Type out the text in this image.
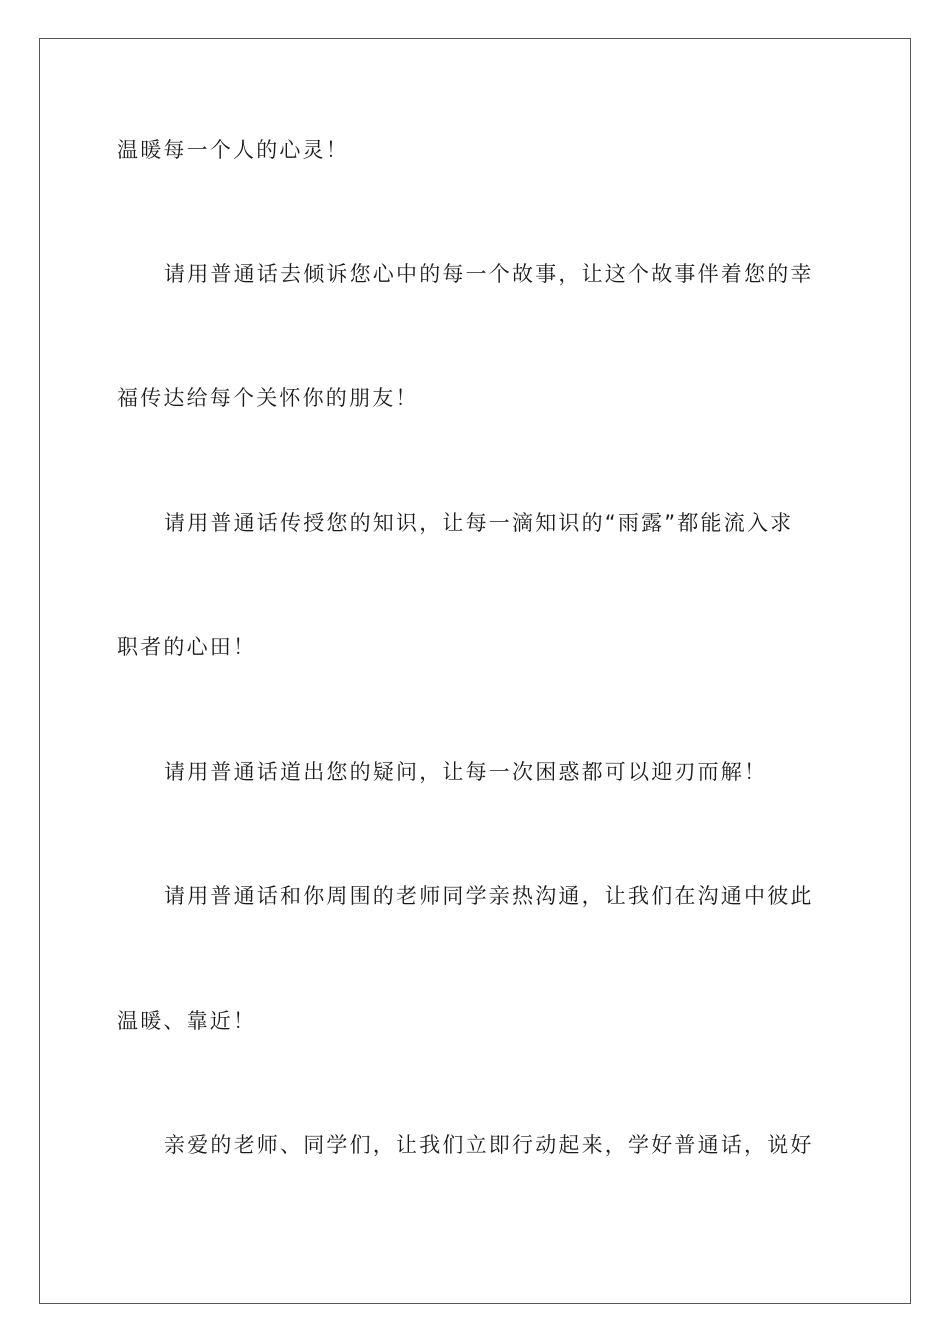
温暖每一个人的心灵！
请用普通话去倾诉您心中的每一个故事，让这个故事伴着您的幸
福传达给每个关怀你的朋友！
请用普通话传授您的知识，让每一滴知识的“雨露”都能流入求
职者的心田！
请用普通话道出您的疑问，让每一次困惑都可以迎刃而解！
请用普通话和你周围的老师同学亲热沟通，让我们在沟通中彼此
温暖、靠近！
亲爱的老师、同学们，让我们立即行动起来，学好普通话，说好
